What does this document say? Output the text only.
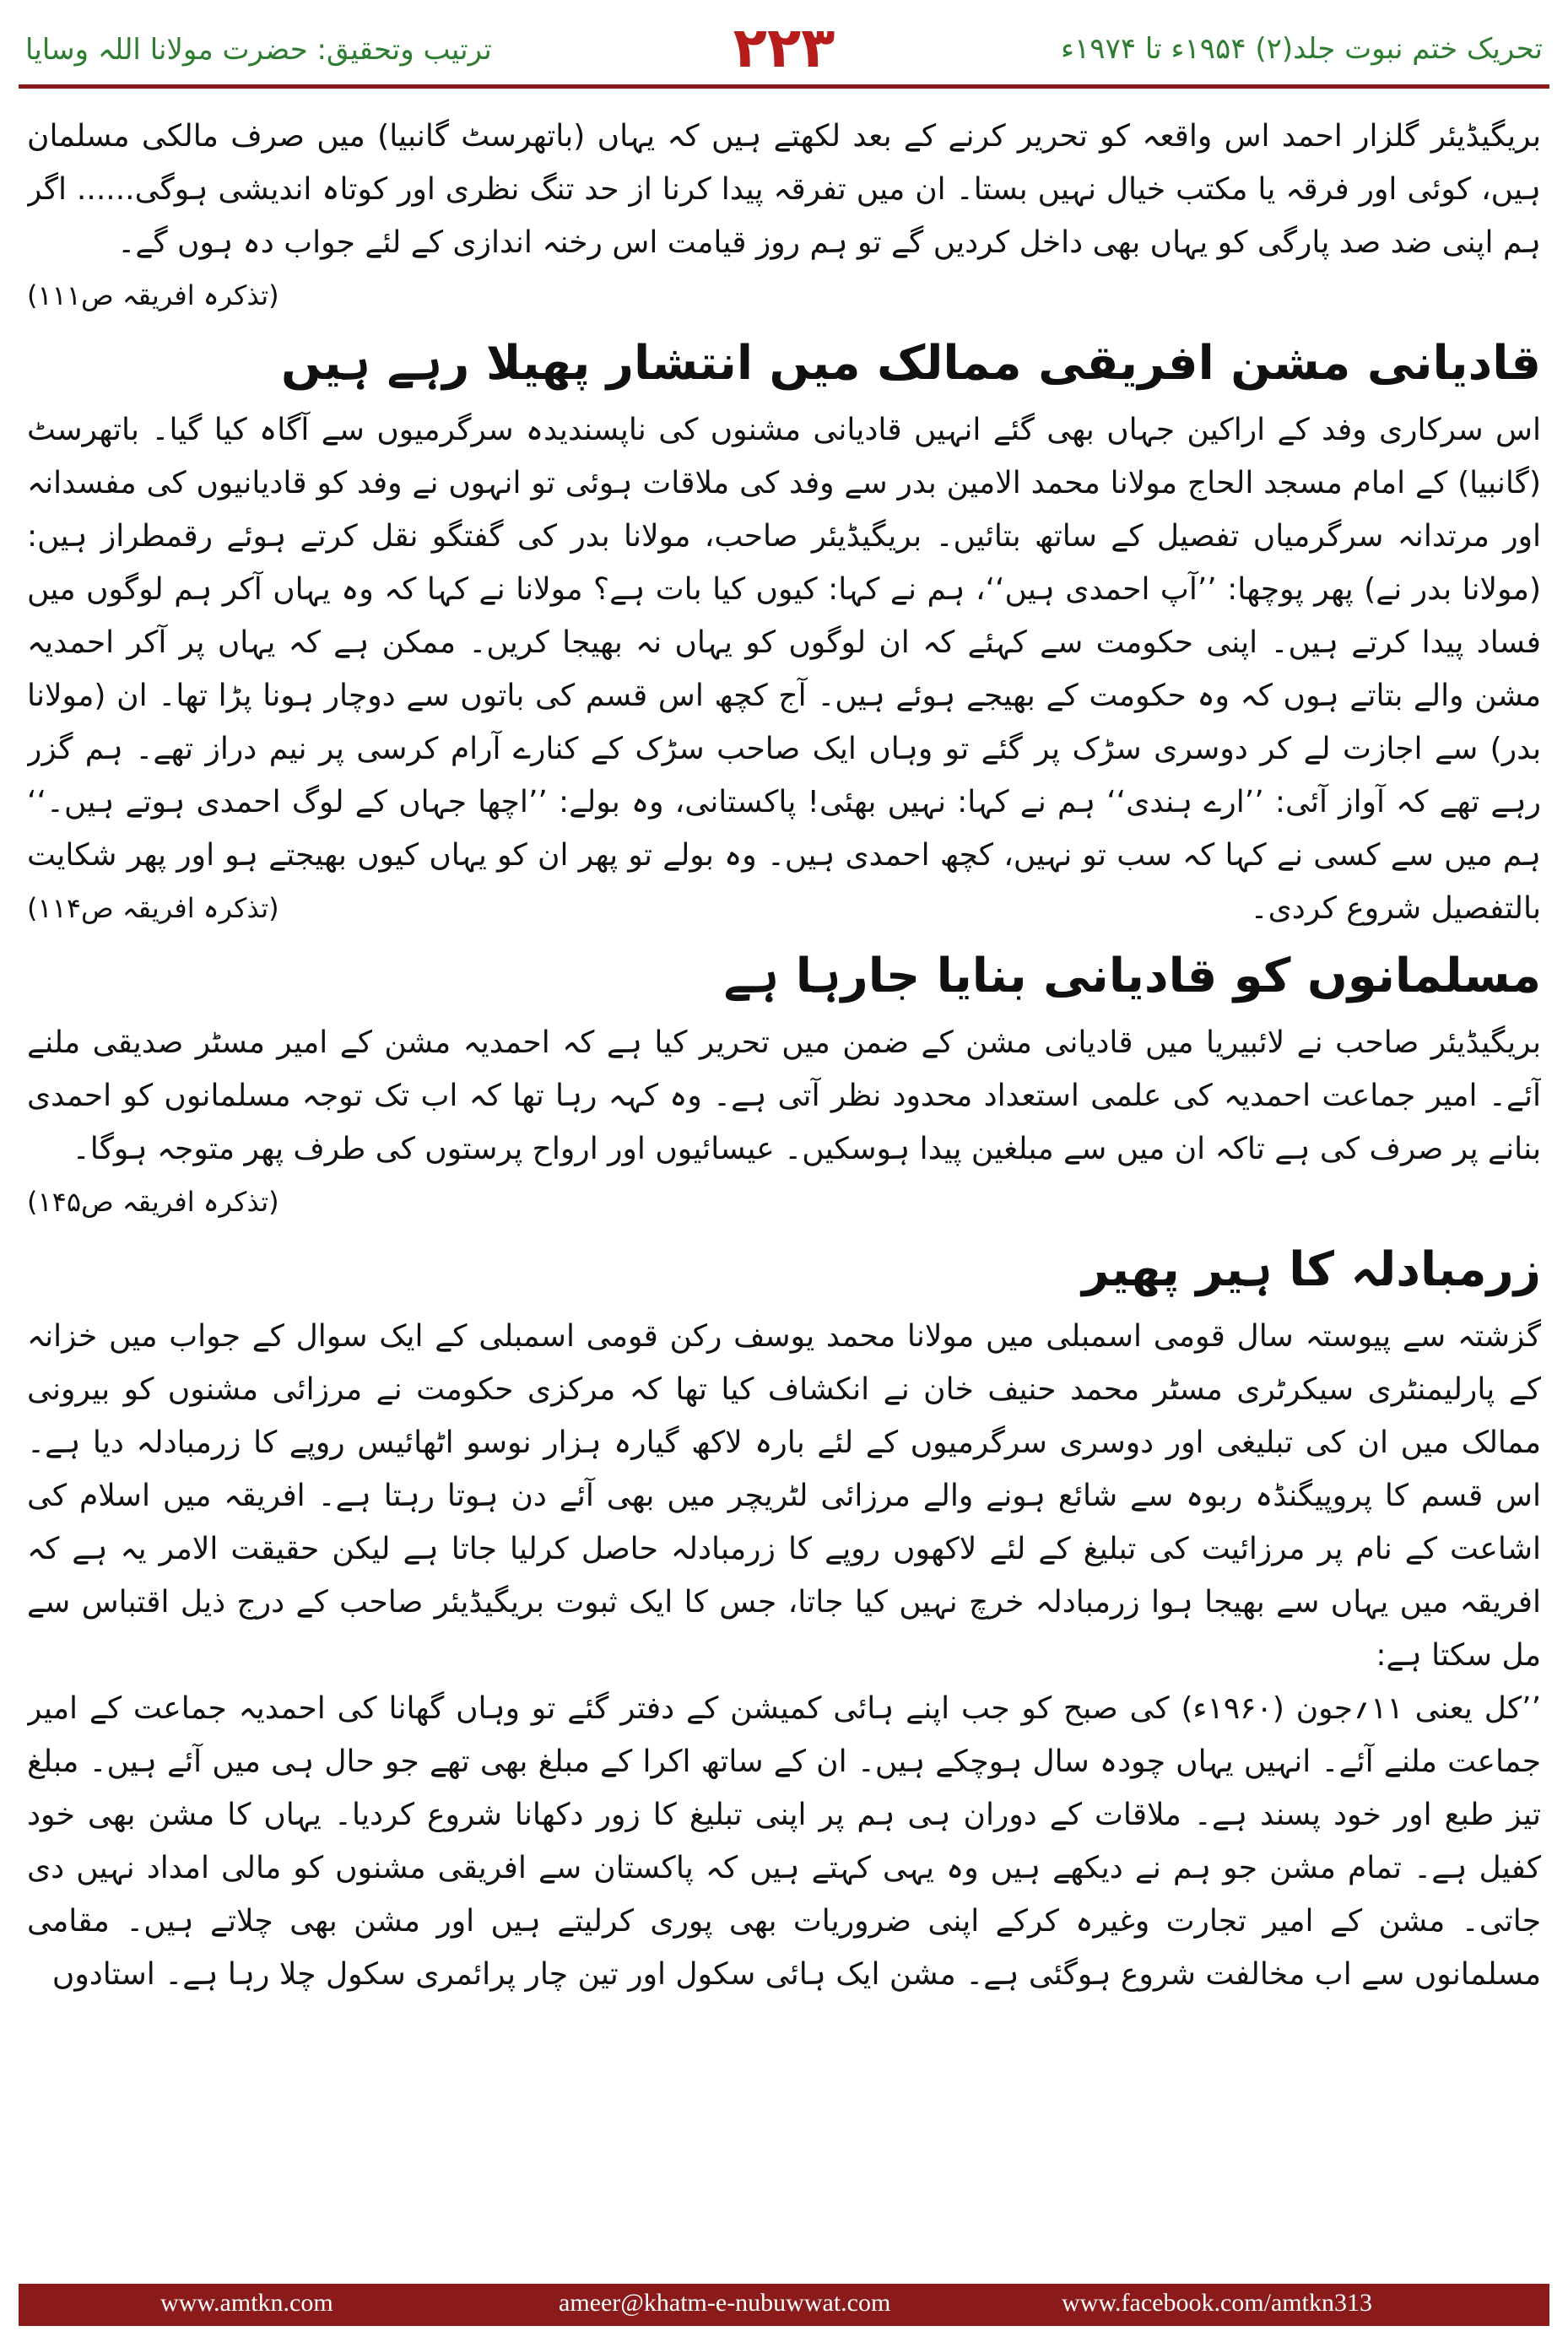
تحریک ختم نبوت جلد(۲) ۱۹۵۴ء تا ۱۹۷۴ء
۲۲۳
ترتیب وتحقیق: حضرت مولانا اللہ وسایا

بریگیڈیئر گلزار احمد اس واقعہ کو تحریر کرنے کے بعد لکھتے ہیں کہ یہاں (باتھرسٹ گانبیا) میں صرف مالکی مسلمان ہیں، کوئی اور فرقہ یا مکتب خیال نہیں بستا۔ ان میں تفرقہ پیدا کرنا از حد تنگ نظری اور کوتاہ اندیشی ہوگی...... اگر ہم اپنی ضد صد پارگی کو یہاں بھی داخل کردیں گے تو ہم روز قیامت اس رخنہ اندازی کے لئے جواب دہ ہوں گے۔
(تذکرہ افریقہ ص۱۱۱)

قادیانی مشن افریقی ممالک میں انتشار پھیلا رہے ہیں

اس سرکاری وفد کے اراکین جہاں بھی گئے انہیں قادیانی مشنوں کی ناپسندیدہ سرگرمیوں سے آگاہ کیا گیا۔ باتھرسٹ (گانبیا) کے امام مسجد الحاج مولانا محمد الامین بدر سے وفد کی ملاقات ہوئی تو انہوں نے وفد کو قادیانیوں کی مفسدانہ اور مرتدانہ سرگرمیاں تفصیل کے ساتھ بتائیں۔ بریگیڈیئر صاحب، مولانا بدر کی گفتگو نقل کرتے ہوئے رقمطراز ہیں: (مولانا بدر نے) پھر پوچھا: ’’آپ احمدی ہیں‘‘، ہم نے کہا: کیوں کیا بات ہے؟ مولانا نے کہا کہ وہ یہاں آکر ہم لوگوں میں فساد پیدا کرتے ہیں۔ اپنی حکومت سے کہئے کہ ان لوگوں کو یہاں نہ بھیجا کریں۔ ممکن ہے کہ یہاں پر آکر احمدیہ مشن والے بتاتے ہوں کہ وہ حکومت کے بھیجے ہوئے ہیں۔ آج کچھ اس قسم کی باتوں سے دوچار ہونا پڑا تھا۔ ان (مولانا بدر) سے اجازت لے کر دوسری سڑک پر گئے تو وہاں ایک صاحب سڑک کے کنارے آرام کرسی پر نیم دراز تھے۔ ہم گزر رہے تھے کہ آواز آئی: ’’ارے ہندی‘‘ ہم نے کہا: نہیں بھئی! پاکستانی، وہ بولے: ’’اچھا جہاں کے لوگ احمدی ہوتے ہیں۔‘‘ ہم میں سے کسی نے کہا کہ سب تو نہیں، کچھ احمدی ہیں۔ وہ بولے تو پھر ان کو یہاں کیوں بھیجتے ہو اور پھر شکایت بالتفصیل شروع کردی۔
(تذکرہ افریقہ ص۱۱۴)

مسلمانوں کو قادیانی بنایا جارہا ہے

بریگیڈیئر صاحب نے لائبیریا میں قادیانی مشن کے ضمن میں تحریر کیا ہے کہ احمدیہ مشن کے امیر مسٹر صدیقی ملنے آئے۔ امیر جماعت احمدیہ کی علمی استعداد محدود نظر آتی ہے۔ وہ کہہ رہا تھا کہ اب تک توجہ مسلمانوں کو احمدی بنانے پر صرف کی ہے تاکہ ان میں سے مبلغین پیدا ہوسکیں۔ عیسائیوں اور ارواح پرستوں کی طرف پھر متوجہ ہوگا۔
(تذکرہ افریقہ ص۱۴۵)

زرمبادلہ کا ہیر پھیر

گزشتہ سے پیوستہ سال قومی اسمبلی میں مولانا محمد یوسف رکن قومی اسمبلی کے ایک سوال کے جواب میں خزانہ کے پارلیمنٹری سیکرٹری مسٹر محمد حنیف خان نے انکشاف کیا تھا کہ مرکزی حکومت نے مرزائی مشنوں کو بیرونی ممالک میں ان کی تبلیغی اور دوسری سرگرمیوں کے لئے بارہ لاکھ گیارہ ہزار نوسو اٹھائیس روپے کا زرمبادلہ دیا ہے۔ اس قسم کا پروپیگنڈہ ربوہ سے شائع ہونے والے مرزائی لٹریچر میں بھی آئے دن ہوتا رہتا ہے۔ افریقہ میں اسلام کی اشاعت کے نام پر مرزائیت کی تبلیغ کے لئے لاکھوں روپے کا زرمبادلہ حاصل کرلیا جاتا ہے لیکن حقیقت الامر یہ ہے کہ افریقہ میں یہاں سے بھیجا ہوا زرمبادلہ خرچ نہیں کیا جاتا، جس کا ایک ثبوت بریگیڈیئر صاحب کے درج ذیل اقتباس سے مل سکتا ہے:

’’کل یعنی ۱۱؍جون (۱۹۶۰ء) کی صبح کو جب اپنے ہائی کمیشن کے دفتر گئے تو وہاں گھانا کی احمدیہ جماعت کے امیر جماعت ملنے آئے۔ انہیں یہاں چودہ سال ہوچکے ہیں۔ ان کے ساتھ اکرا کے مبلغ بھی تھے جو حال ہی میں آئے ہیں۔ مبلغ تیز طبع اور خود پسند ہے۔ ملاقات کے دوران ہی ہم پر اپنی تبلیغ کا زور دکھانا شروع کردیا۔ یہاں کا مشن بھی خود کفیل ہے۔ تمام مشن جو ہم نے دیکھے ہیں وہ یہی کہتے ہیں کہ پاکستان سے افریقی مشنوں کو مالی امداد نہیں دی جاتی۔ مشن کے امیر تجارت وغیرہ کرکے اپنی ضروریات بھی پوری کرلیتے ہیں اور مشن بھی چلاتے ہیں۔ مقامی مسلمانوں سے اب مخالفت شروع ہوگئی ہے۔ مشن ایک ہائی سکول اور تین چار پرائمری سکول چلا رہا ہے۔ استادوں

www.amtkn.com	ameer@khatm-e-nubuwwat.com	www.facebook.com/amtkn313
